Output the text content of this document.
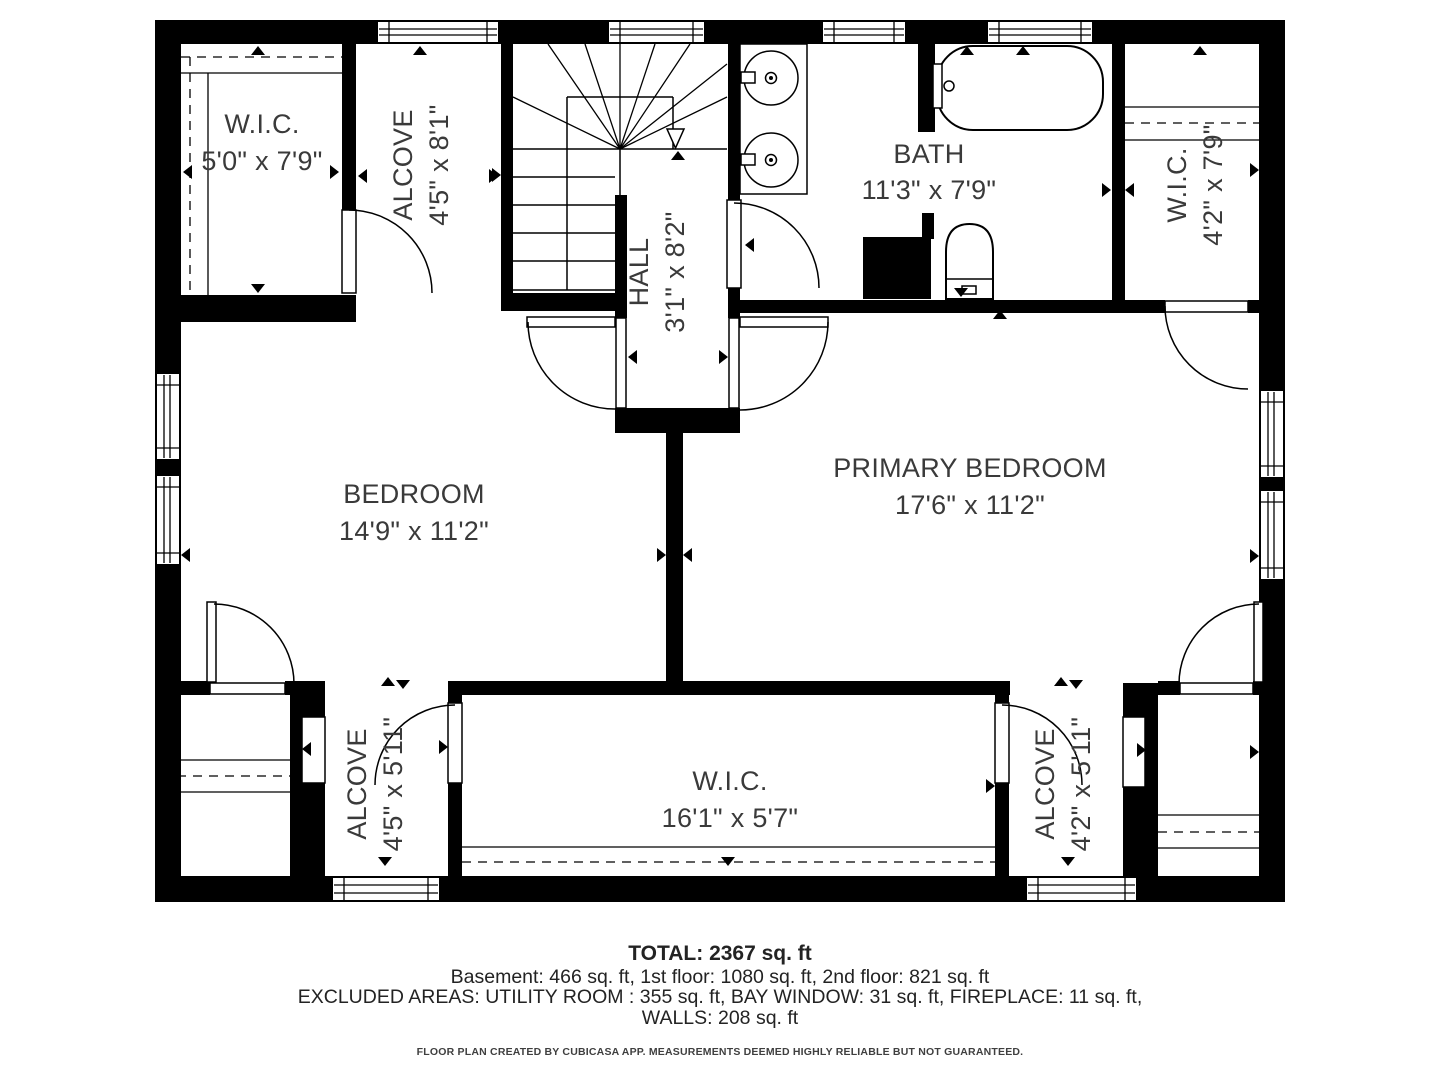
W.I.C.
5'0" x 7'9" ALCOVE 4'5" x 8'1"
HALL 3'1" x 8'2"
BATH
11'3" x 7'9"	W.I.C. 4'2" x 7'9"
BEDROOM
14'9" x 11'2"
PRIMARY BEDROOM
17'6" x 11'2"
ALCOVE 4'5" x 5'11"	W.I.C.
16'1" x 5'7"	ALCOVE 4'2" x 5'11"
TOTAL: 2367 sq. ft
Basement: 466 sq. ft, 1st floor: 1080 sq. ft, 2nd floor: 821 sq. ft
EXCLUDED AREAS: UTILITY ROOM : 355 sq. ft, BAY WINDOW: 31 sq. ft, FIREPLACE: 11 sq. ft,
WALLS: 208 sq. ft
FLOOR PLAN CREATED BY CUBICASA APP. MEASUREMENTS DEEMED HIGHLY RELIABLE BUT NOT GUARANTEED.
